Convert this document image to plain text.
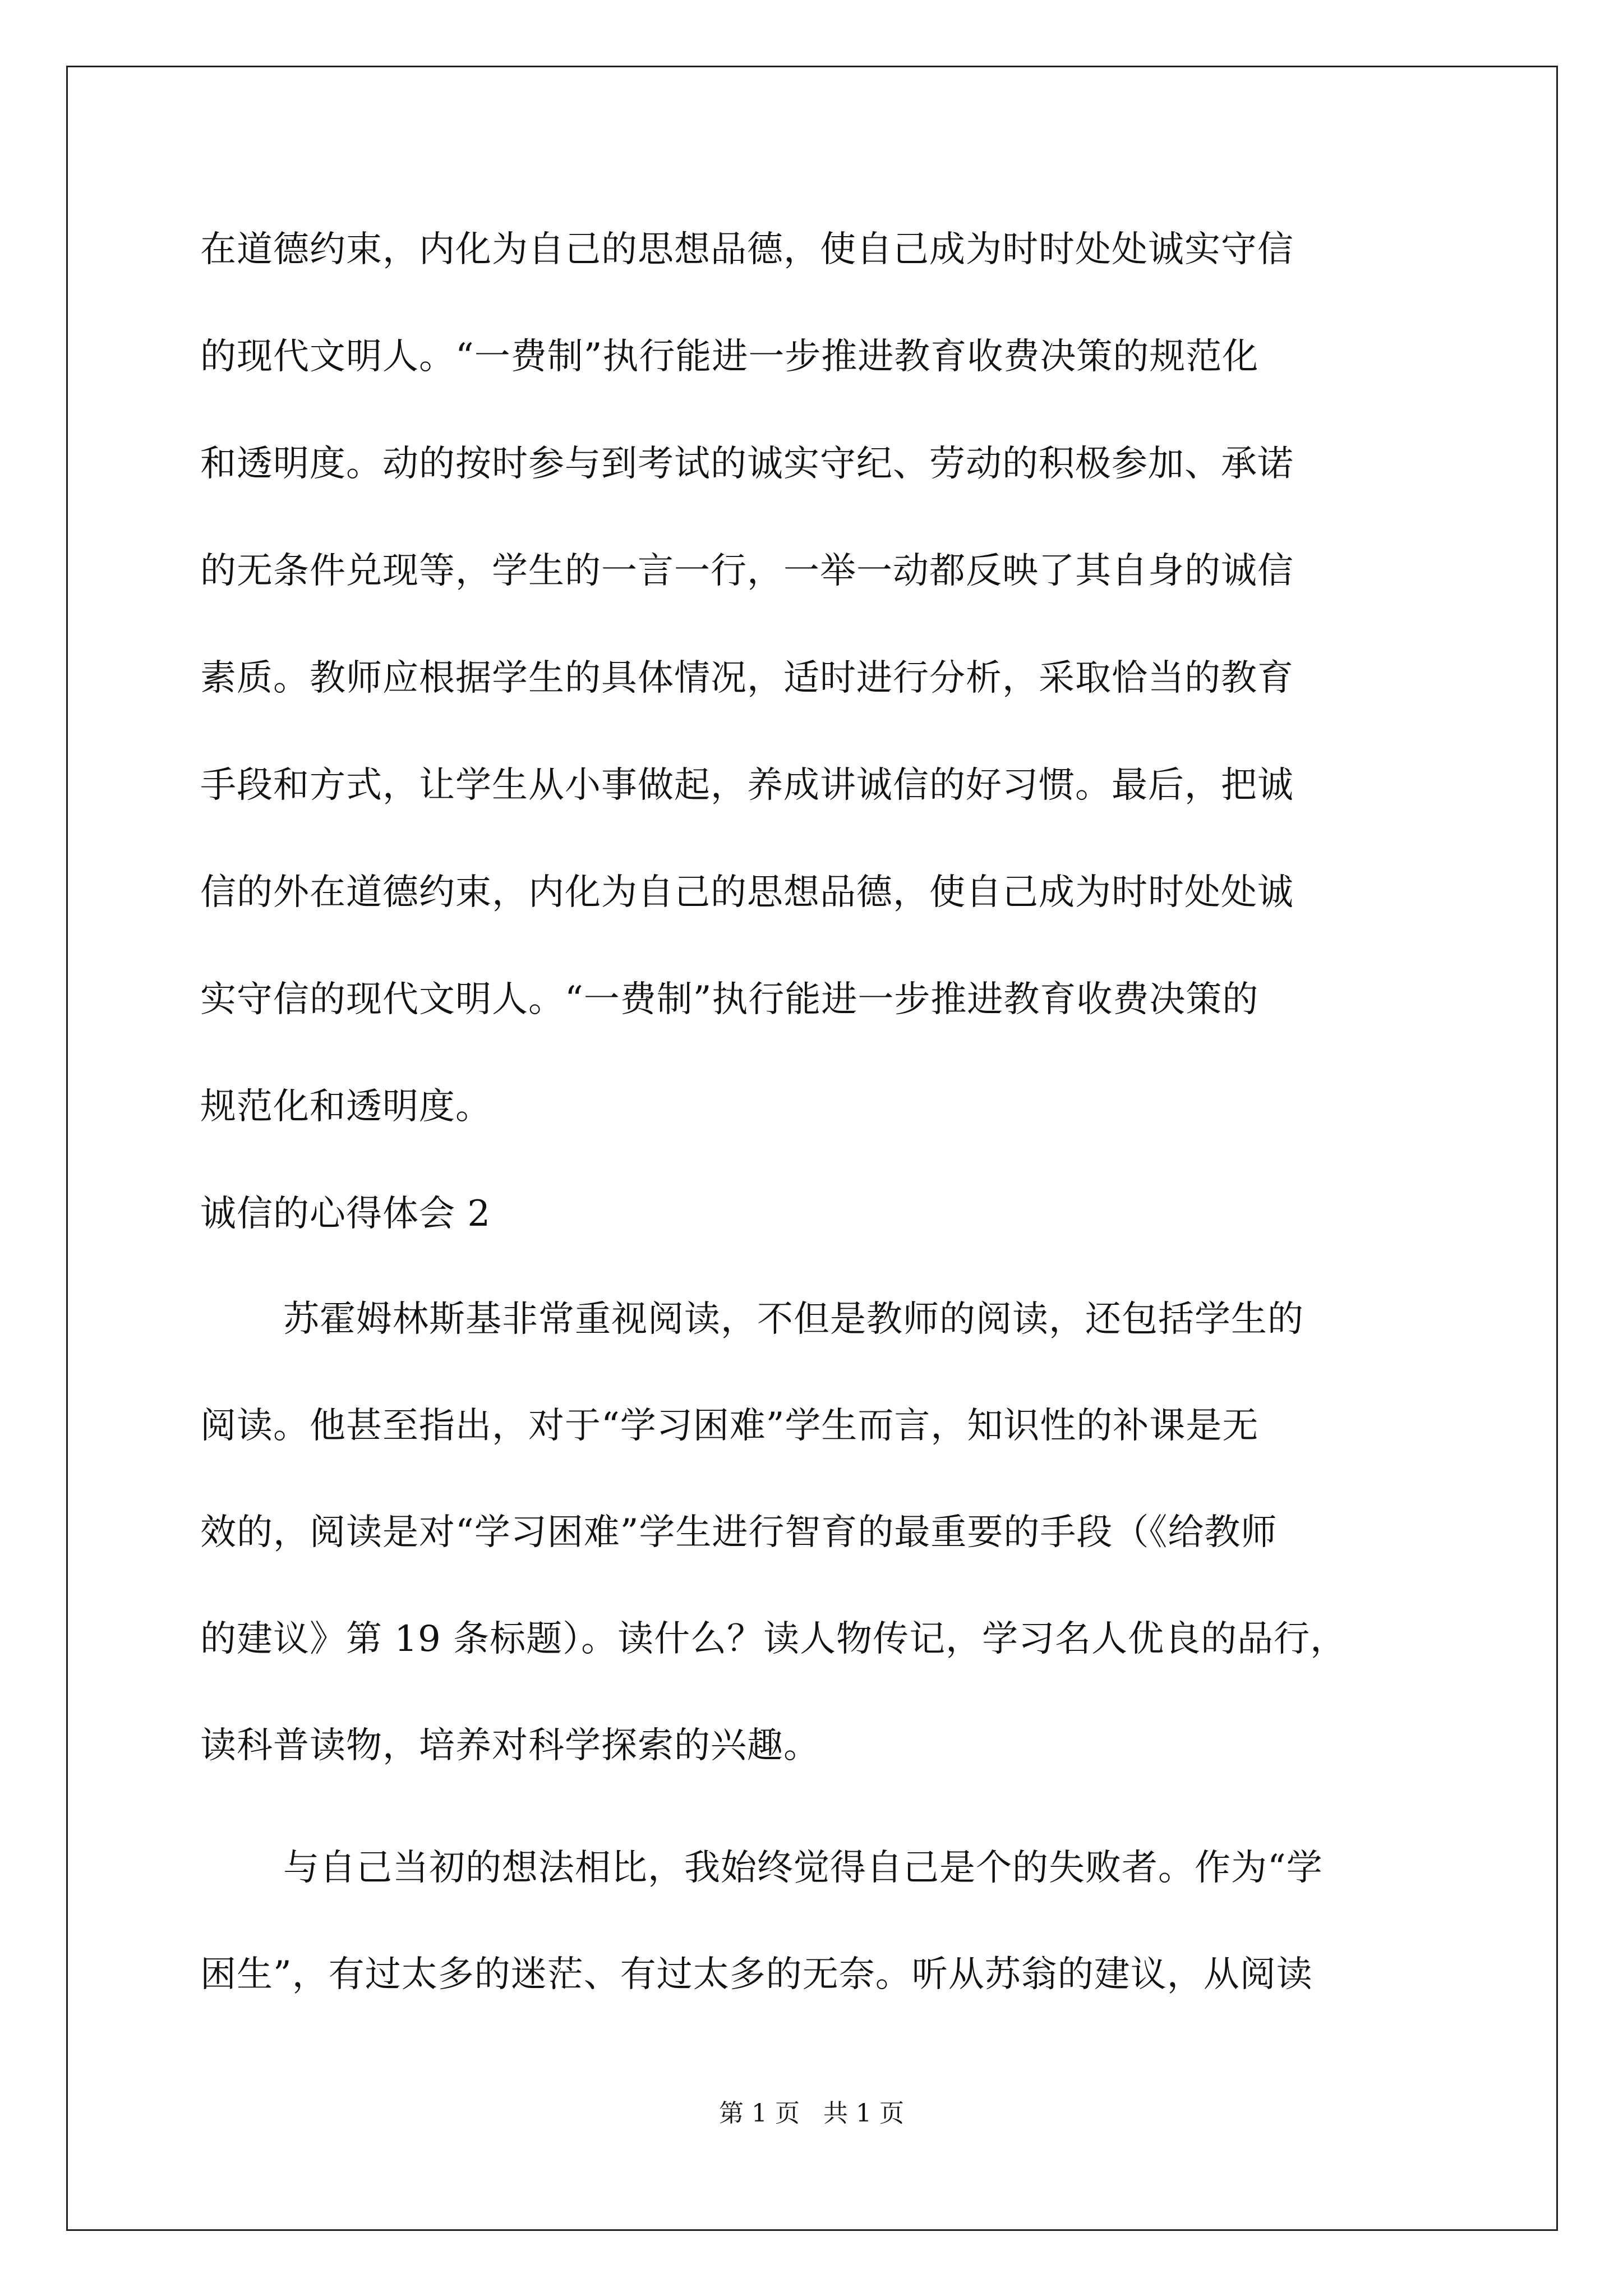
在道德约束，内化为自己的思想品德，使自己成为时时处处诚实守信
的现代文明人。“一费制”执行能进一步推进教育收费决策的规范化
和透明度。动的按时参与到考试的诚实守纪、劳动的积极参加、承诺
的无条件兑现等，学生的一言一行，一举一动都反映了其自身的诚信
素质。教师应根据学生的具体情况，适时进行分析，采取恰当的教育
手段和方式，让学生从小事做起，养成讲诚信的好习惯。最后，把诚
信的外在道德约束，内化为自己的思想品德，使自己成为时时处处诚
实守信的现代文明人。“一费制”执行能进一步推进教育收费决策的
规范化和透明度。
诚信的心得体会 2
苏霍姆林斯基非常重视阅读，不但是教师的阅读，还包括学生的
阅读。他甚至指出，对于“学习困难”学生而言，知识性的补课是无
效的，阅读是对“学习困难”学生进行智育的最重要的手段（《给教师
的建议》第 19 条标题）。读什么？读人物传记，学习名人优良的品行，
读科普读物，培养对科学探索的兴趣。
与自己当初的想法相比，我始终觉得自己是个的失败者。作为“学
困生”，有过太多的迷茫、有过太多的无奈。听从苏翁的建议，从阅读
第 1 页   共 1 页
